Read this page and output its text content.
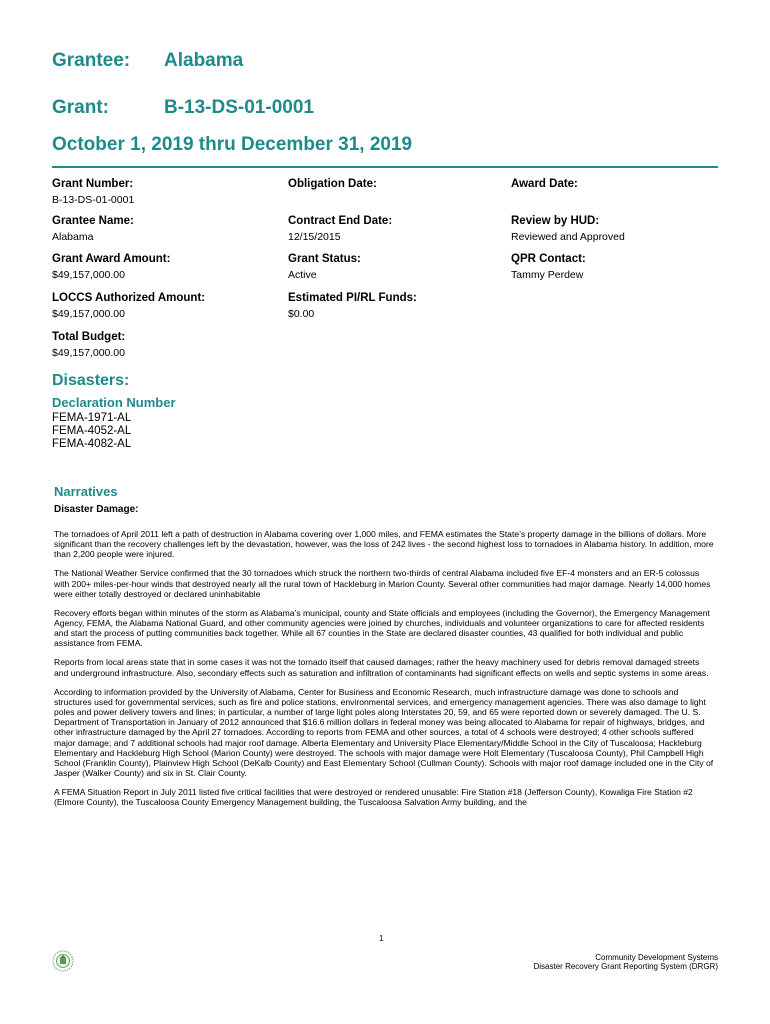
Grantee: Alabama
Grant:	B-13-DS-01-0001
October 1, 2019 thru December 31, 2019
Grant Number:
B-13-DS-01-0001
Obligation Date:	Award Date:
Grantee Name:
Alabama
Contract End Date:
12/15/2015
Review by HUD:
Reviewed and Approved
Grant Award Amount:
$49,157,000.00
Grant Status:
Active
QPR Contact:
Tammy Perdew
LOCCS Authorized Amount:
$49,157,000.00
Estimated PI/RL Funds:
$0.00
Total Budget:
$49,157,000.00
Disasters:
Declaration Number
FEMA-1971-AL
FEMA-4052-AL
FEMA-4082-AL
Narratives
Disaster Damage:

The tornadoes of April 2011 left a path of destruction in Alabama covering over 1,000 miles, and FEMA estimates the State’s property damage in the billions of dollars. More significant than the recovery challenges left by the devastation, however, was the loss of 242 lives - the second highest loss to tornadoes in Alabama history. In addition, more than 2,200 people were injured.

The National Weather Service confirmed that the 30 tornadoes which struck the northern two-thirds of central Alabama included five EF-4 monsters and an ER-5 colossus with 200+ miles-per-hour winds that destroyed nearly all the rural town of Hackleburg in Marion County. Several other communities had major damage. Nearly 14,000 homes were either totally destroyed or declared uninhabitable

Recovery efforts began within minutes of the storm as Alabama’s municipal, county and State officials and employees (including the Governor), the Emergency Management Agency, FEMA, the Alabama National Guard, and other community agencies were joined by churches, individuals and volunteer organizations to care for affected residents and start the process of putting communities back together. While all 67 counties in the State are declared disaster counties, 43 qualified for both individual and public assistance from FEMA.

Reports from local areas state that in some cases it was not the tornado itself that caused damages; rather the heavy machinery used for debris removal damaged streets and underground infrastructure. Also, secondary effects such as saturation and infiltration of contaminants had significant effects on wells and septic systems in some areas.

According to information provided by the University of Alabama, Center for Business and Economic Research, much infrastructure damage was done to schools and structures used for governmental services, such as fire and police stations, environmental services, and emergency management agencies. There was also damage to light poles and power delivery towers and lines; in particular, a number of large light poles along Interstates 20, 59, and 65 were reported down or severely damaged. The U. S. Department of Transportation in January of 2012 announced that $16.6 million dollars in federal money was being allocated to Alabama for repair of highways, bridges, and other infrastructure damaged by the April 27 tornadoes. According to reports from FEMA and other sources, a total of 4 schools were destroyed; 4 other schools suffered major damage; and 7 additional schools had major roof damage. Alberta Elementary and University Place Elementary/Middle School in the City of Tuscaloosa; Hackleburg Elementary and Hackleburg High School (Marion County) were destroyed. The schools with major damage were Holt Elementary (Tuscaloosa County), Phil Campbell High School (Franklin County), Plainview High School (DeKalb County) and East Elementary School (Cullman County). Schools with major roof damage included one in the City of Jasper (Walker County) and six in St. Clair County.

A FEMA Situation Report in July 2011 listed five critical facilities that were destroyed or rendered unusable: Fire Station #18 (Jefferson County), Kowaliga Fire Station #2 (Elmore County), the Tuscaloosa County Emergency Management building, the Tuscaloosa Salvation Army building, and the

1
Community Development Systems
Disaster Recovery Grant Reporting System (DRGR)
